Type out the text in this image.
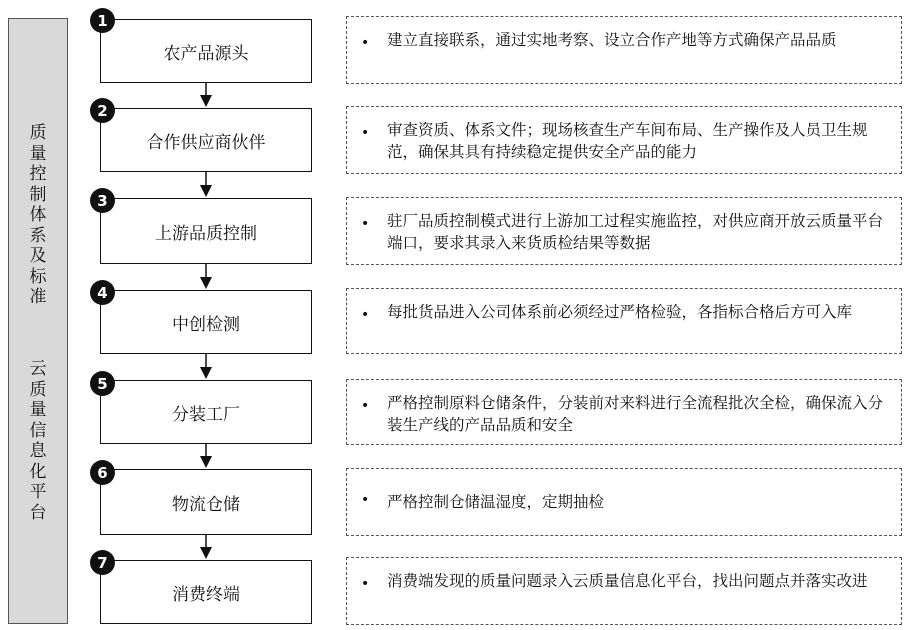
质
量
控
制
体
系
及
标
准
云
质
量
信
息
化
平
台
农产品源头
1
• 建立直接联系，通过实地考察、设立合作产地等方式确保产品品质
合作供应商伙伴
2
• 审查资质、体系文件；现场核查生产车间布局、生产操作及人员卫生规范，确保其具有持续稳定提供安全产品的能力
上游品质控制
3
• 驻厂品质控制模式进行上游加工过程实施监控，对供应商开放云质量平台端口，要求其录入来货质检结果等数据
中创检测
4
• 每批货品进入公司体系前必须经过严格检验，各指标合格后方可入库
分装工厂
5
• 严格控制原料仓储条件，分装前对来料进行全流程批次全检，确保流入分装生产线的产品品质和安全
物流仓储
6
• 严格控制仓储温湿度，定期抽检
消费终端
7
• 消费端发现的质量问题录入云质量信息化平台，找出问题点并落实改进
